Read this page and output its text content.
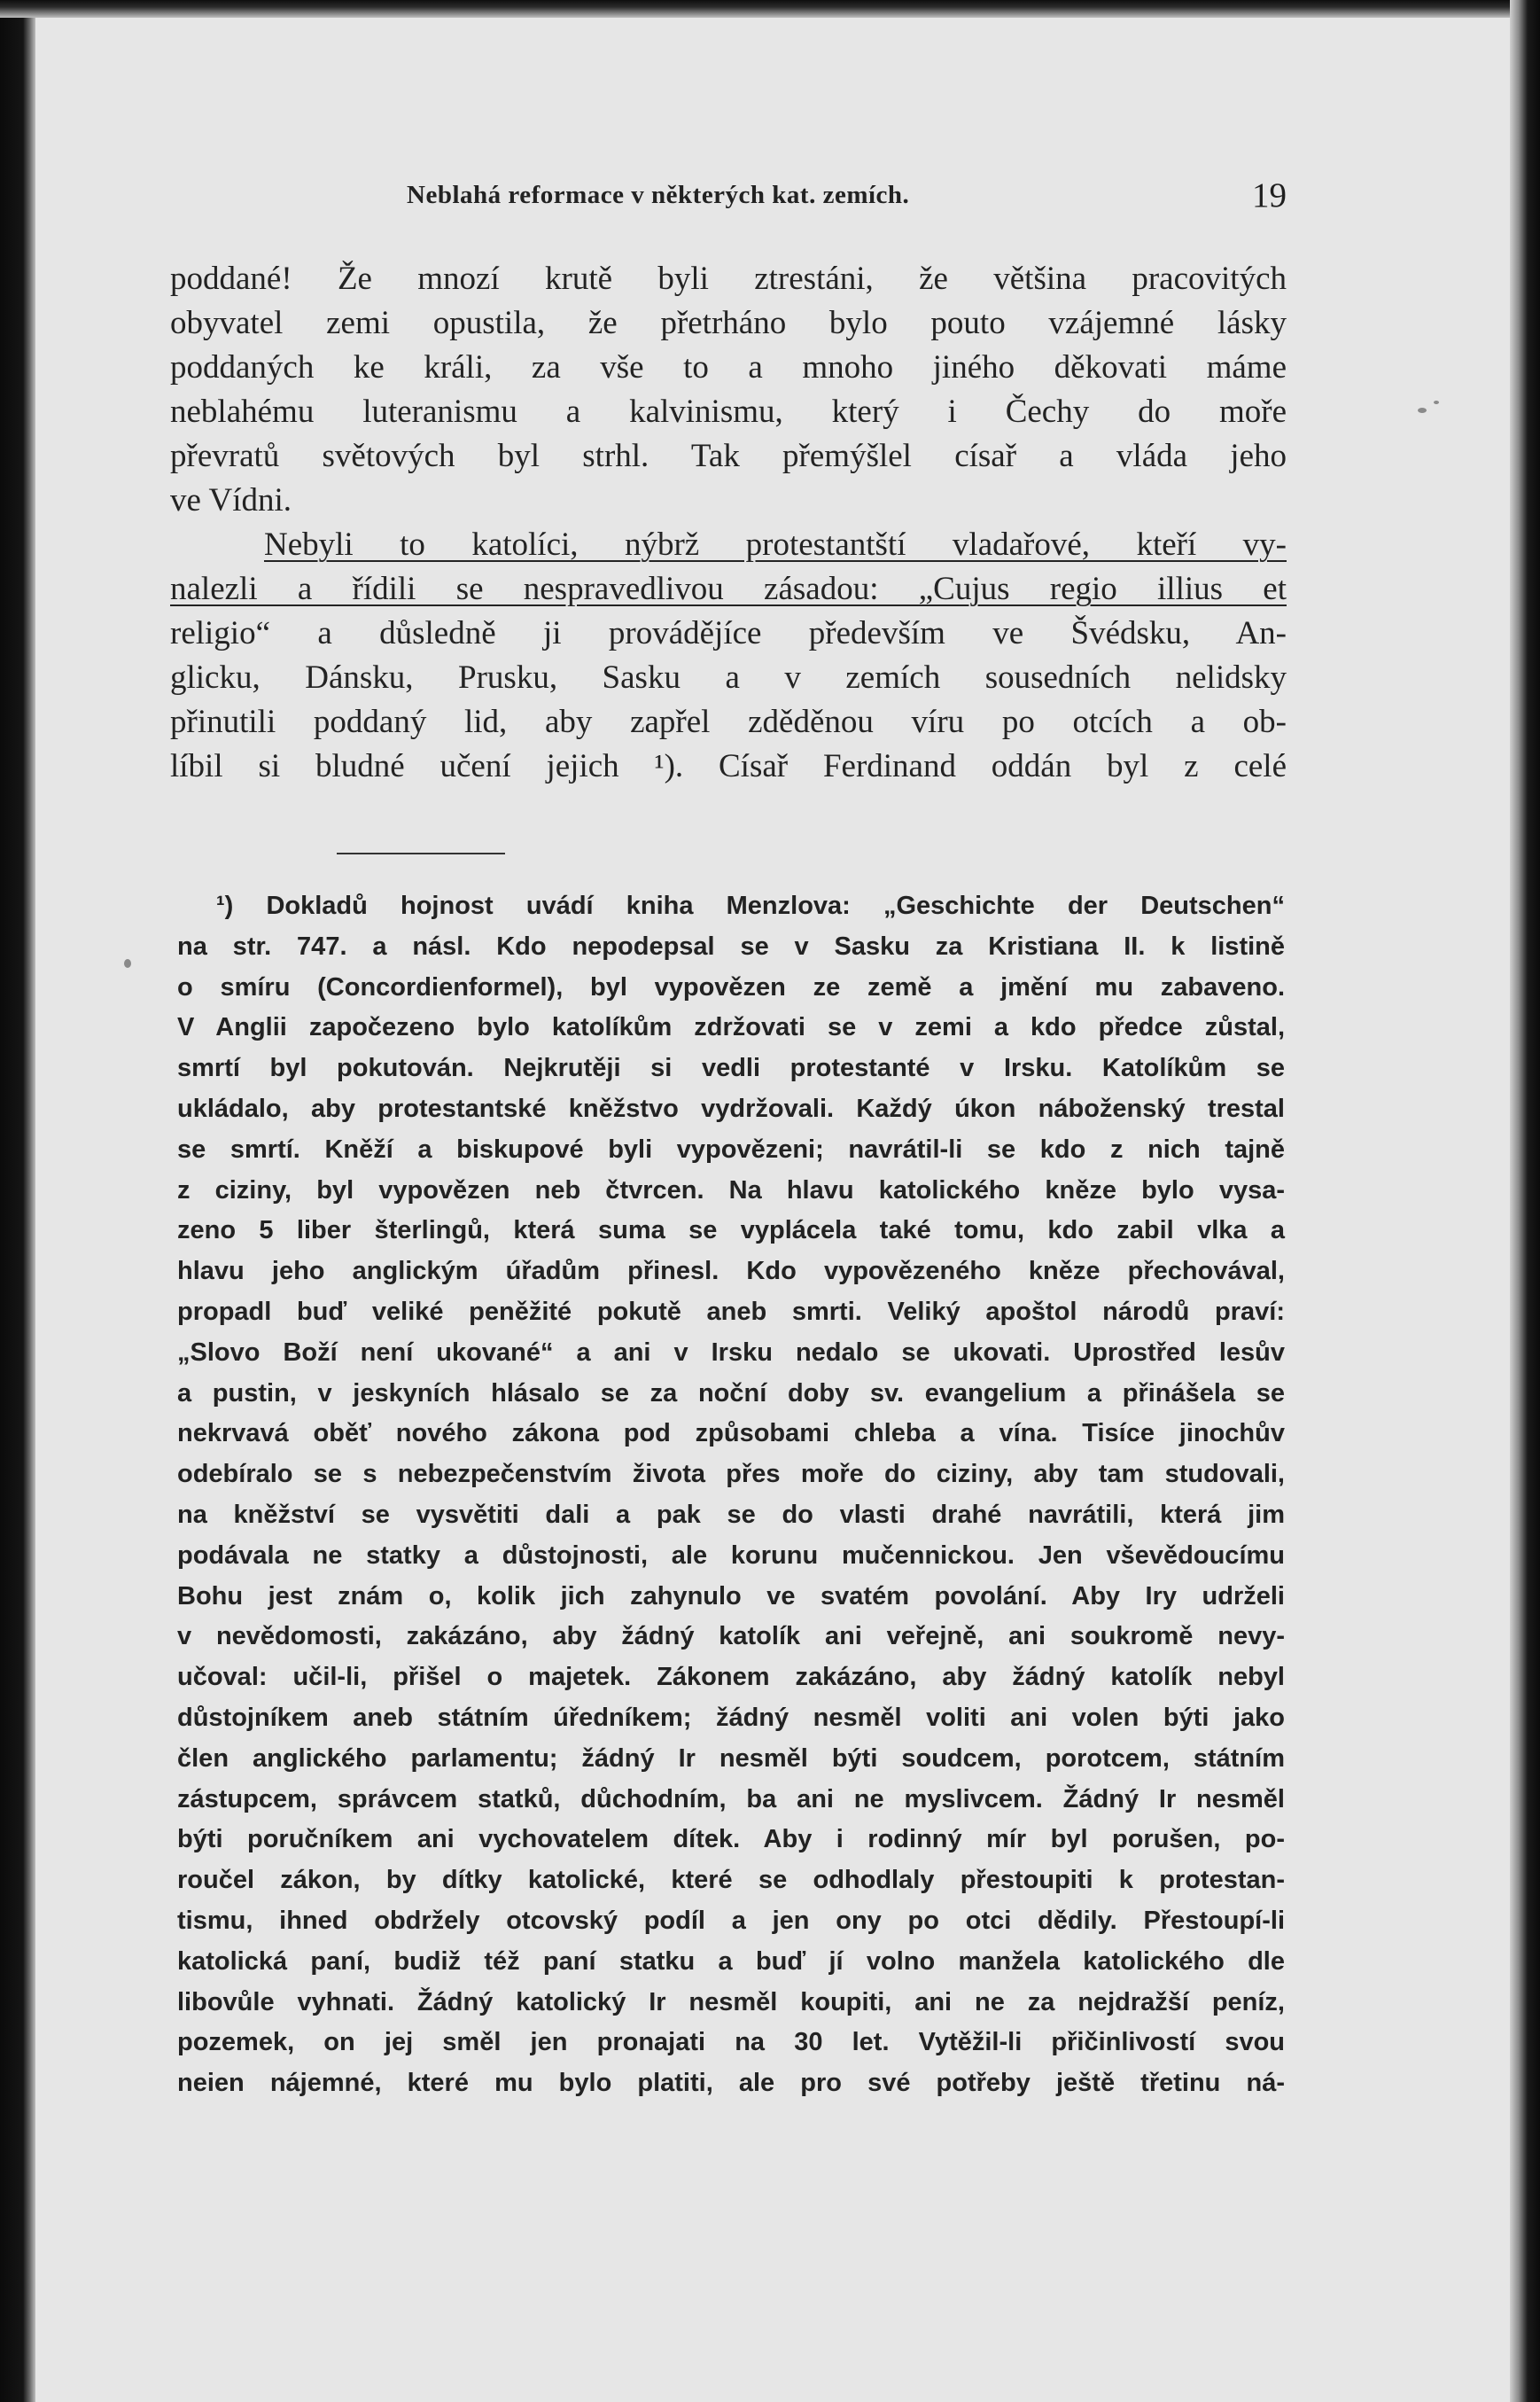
Neblahá reformace v některých kat. zemích.	19
poddané! Že mnozí krutě byli ztrestáni, že většina pracovitých
obyvatel zemi opustila, že přetrháno bylo pouto vzájemné lásky
poddaných ke králi, za vše to a mnoho jiného děkovati máme
neblahému luteranismu a kalvinismu, který i Čechy do moře
převratů světových byl strhl. Tak přemýšlel císař a vláda jeho
ve Vídni.
Nebyli to katolíci, nýbrž protestantští vladařové, kteří vy-
nalezli a řídili se nespravedlivou zásadou: „Cujus regio illius et
religio“ a důsledně ji provádějíce především ve Švédsku, An-
glicku, Dánsku, Prusku, Sasku a v zemích sousedních nelidsky
přinutili poddaný lid, aby zapřel zděděnou víru po otcích a ob-
líbil si bludné učení jejich ¹). Císař Ferdinand oddán byl z celé
¹) Dokladů hojnost uvádí kniha Menzlova: „Geschichte der Deutschen“
na str. 747. a násl. Kdo nepodepsal se v Sasku za Kristiana II. k listině
o smíru (Concordienformel), byl vypovězen ze země a jmění mu zabaveno.
V Anglii započezeno bylo katolíkům zdržovati se v zemi a kdo předce zůstal,
smrtí byl pokutován. Nejkrutěji si vedli protestanté v Irsku. Katolíkům se
ukládalo, aby protestantské kněžstvo vydržovali. Každý úkon náboženský trestal
se smrtí. Kněží a biskupové byli vypovězeni; navrátil-li se kdo z nich tajně
z ciziny, byl vypovězen neb čtvrcen. Na hlavu katolického kněze bylo vysa-
zeno 5 liber šterlingů, která suma se vyplácela také tomu, kdo zabil vlka a
hlavu jeho anglickým úřadům přinesl. Kdo vypovězeného kněze přechovával,
propadl buď veliké peněžité pokutě aneb smrti. Veliký apoštol národů praví:
„Slovo Boží není ukované“ a ani v Irsku nedalo se ukovati. Uprostřed lesův
a pustin, v jeskyních hlásalo se za noční doby sv. evangelium a přinášela se
nekrvavá oběť nového zákona pod způsobami chleba a vína. Tisíce jinochův
odebíralo se s nebezpečenstvím života přes moře do ciziny, aby tam studovali,
na kněžství se vysvětiti dali a pak se do vlasti drahé navrátili, která jim
podávala ne statky a důstojnosti, ale korunu mučennickou. Jen vševědoucímu
Bohu jest znám o, kolik jich zahynulo ve svatém povolání. Aby Iry udrželi
v nevědomosti, zakázáno, aby žádný katolík ani veřejně, ani soukromě nevy-
učoval: učil-li, přišel o majetek. Zákonem zakázáno, aby žádný katolík nebyl
důstojníkem aneb státním úředníkem; žádný nesměl voliti ani volen býti jako
člen anglického parlamentu; žádný Ir nesměl býti soudcem, porotcem, státním
zástupcem, správcem statků, důchodním, ba ani ne myslivcem. Žádný Ir nesměl
býti poručníkem ani vychovatelem dítek. Aby i rodinný mír byl porušen, po-
roučel zákon, by dítky katolické, které se odhodlaly přestoupiti k protestan-
tismu, ihned obdržely otcovský podíl a jen ony po otci dědily. Přestoupí-li
katolická paní, budiž též paní statku a buď jí volno manžela katolického dle
libovůle vyhnati. Žádný katolický Ir nesměl koupiti, ani ne za nejdražší peníz,
pozemek, on jej směl jen pronajati na 30 let. Vytěžil-li přičinlivostí svou
neien nájemné, které mu bylo platiti, ale pro své potřeby ještě třetinu ná-
